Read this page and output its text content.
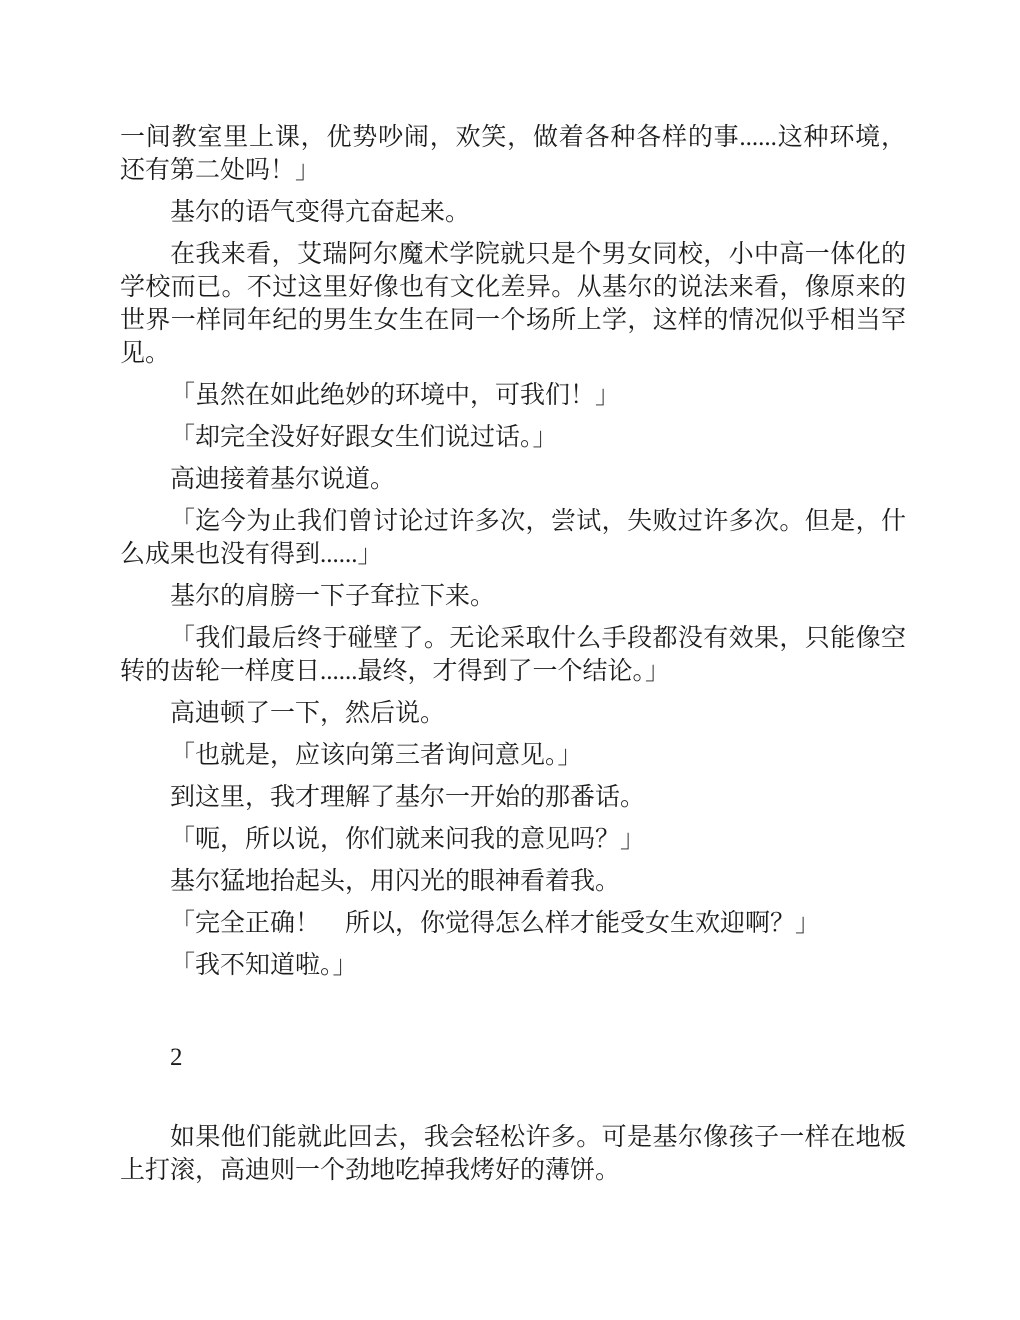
一间教室里上课，优势吵闹，欢笑，做着各种各样的事......这种环境，还有第二处吗！」

基尔的语气变得亢奋起来。

在我来看，艾瑞阿尔魔术学院就只是个男女同校，小中高一体化的学校而已。不过这里好像也有文化差异。从基尔的说法来看，像原来的世界一样同年纪的男生女生在同一个场所上学，这样的情况似乎相当罕见。

「虽然在如此绝妙的环境中，可我们！」

「却完全没好好跟女生们说过话。」

高迪接着基尔说道。

「迄今为止我们曾讨论过许多次，尝试，失败过许多次。但是，什么成果也没有得到......」

基尔的肩膀一下子耷拉下来。

「我们最后终于碰壁了。无论采取什么手段都没有效果，只能像空转的齿轮一样度日......最终，才得到了一个结论。」

高迪顿了一下，然后说。

「也就是，应该向第三者询问意见。」

到这里，我才理解了基尔一开始的那番话。

「呃，所以说，你们就来问我的意见吗？」

基尔猛地抬起头，用闪光的眼神看着我。

「完全正确！　所以，你觉得怎么样才能受女生欢迎啊？」

「我不知道啦。」

2

如果他们能就此回去，我会轻松许多。可是基尔像孩子一样在地板上打滚，高迪则一个劲地吃掉我烤好的薄饼。
